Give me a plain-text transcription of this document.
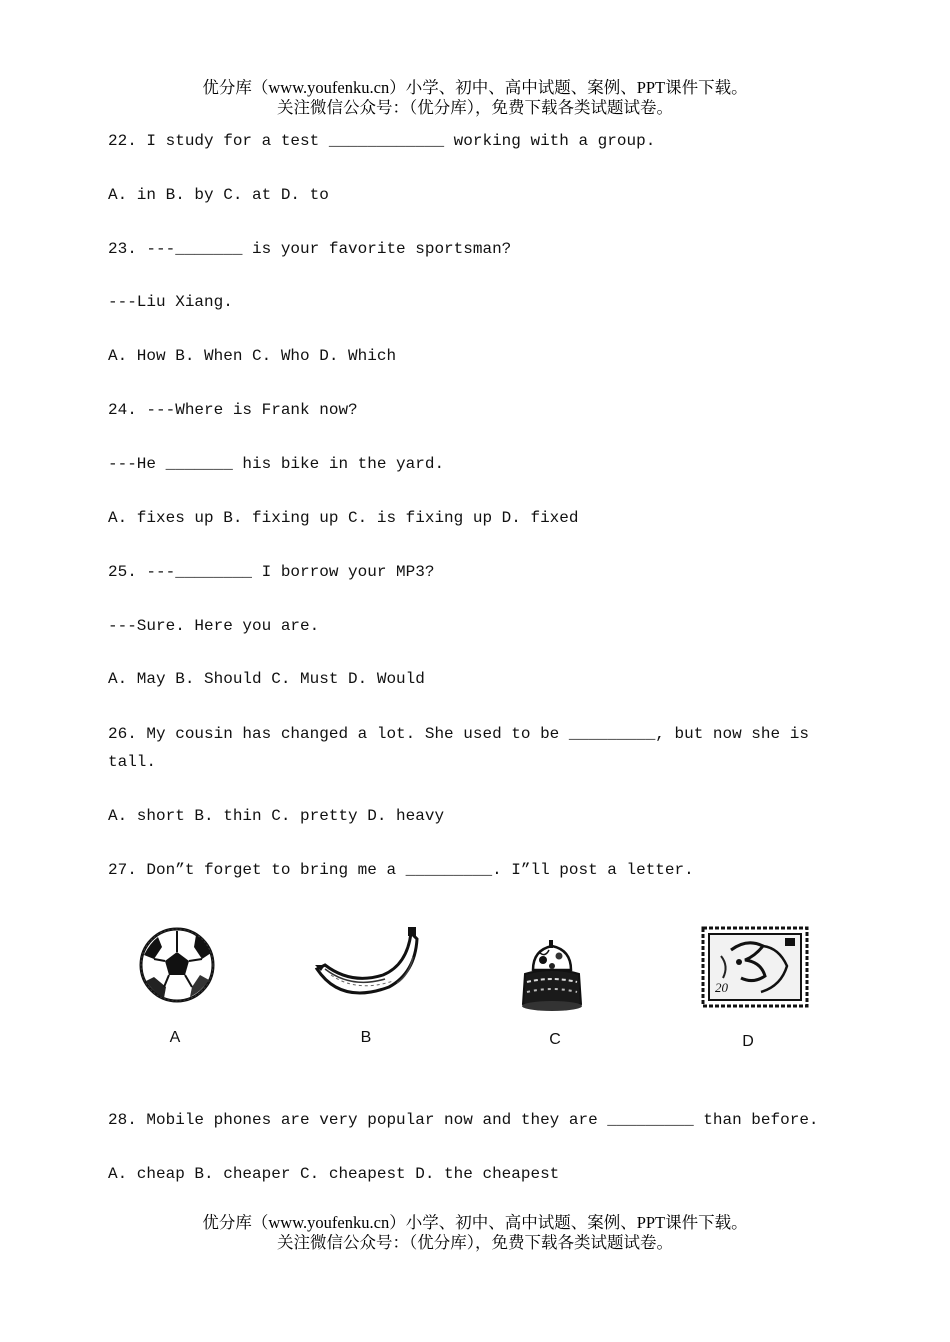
优分库（www.youfenku.cn）小学、初中、高中试题、案例、PPT课件下载。
关注微信公众号：（优分库），免费下载各类试题试卷。
22. I study for a test ____________ working with a group.
A. in B. by C. at D. to
23. ---_______ is your favorite sportsman?
---Liu Xiang.
A. How B. When C. Who D. Which
24. ---Where is Frank now?
---He _______ his bike in the yard.
A. fixes up B. fixing up C. is fixing up D. fixed
25. ---________ I borrow your MP3?
---Sure. Here you are.
A. May B. Should C. Must D. Would
26. My cousin has changed a lot. She used to be _________, but now she is
tall.
A. short B. thin C. pretty D. heavy
27. Don”t forget to bring me a _________. I”ll post a letter.
A	B	C
20
D
28. Mobile phones are very popular now and they are _________ than before.
A. cheap B. cheaper C. cheapest D. the cheapest
优分库（www.youfenku.cn）小学、初中、高中试题、案例、PPT课件下载。
关注微信公众号：（优分库），免费下载各类试题试卷。
